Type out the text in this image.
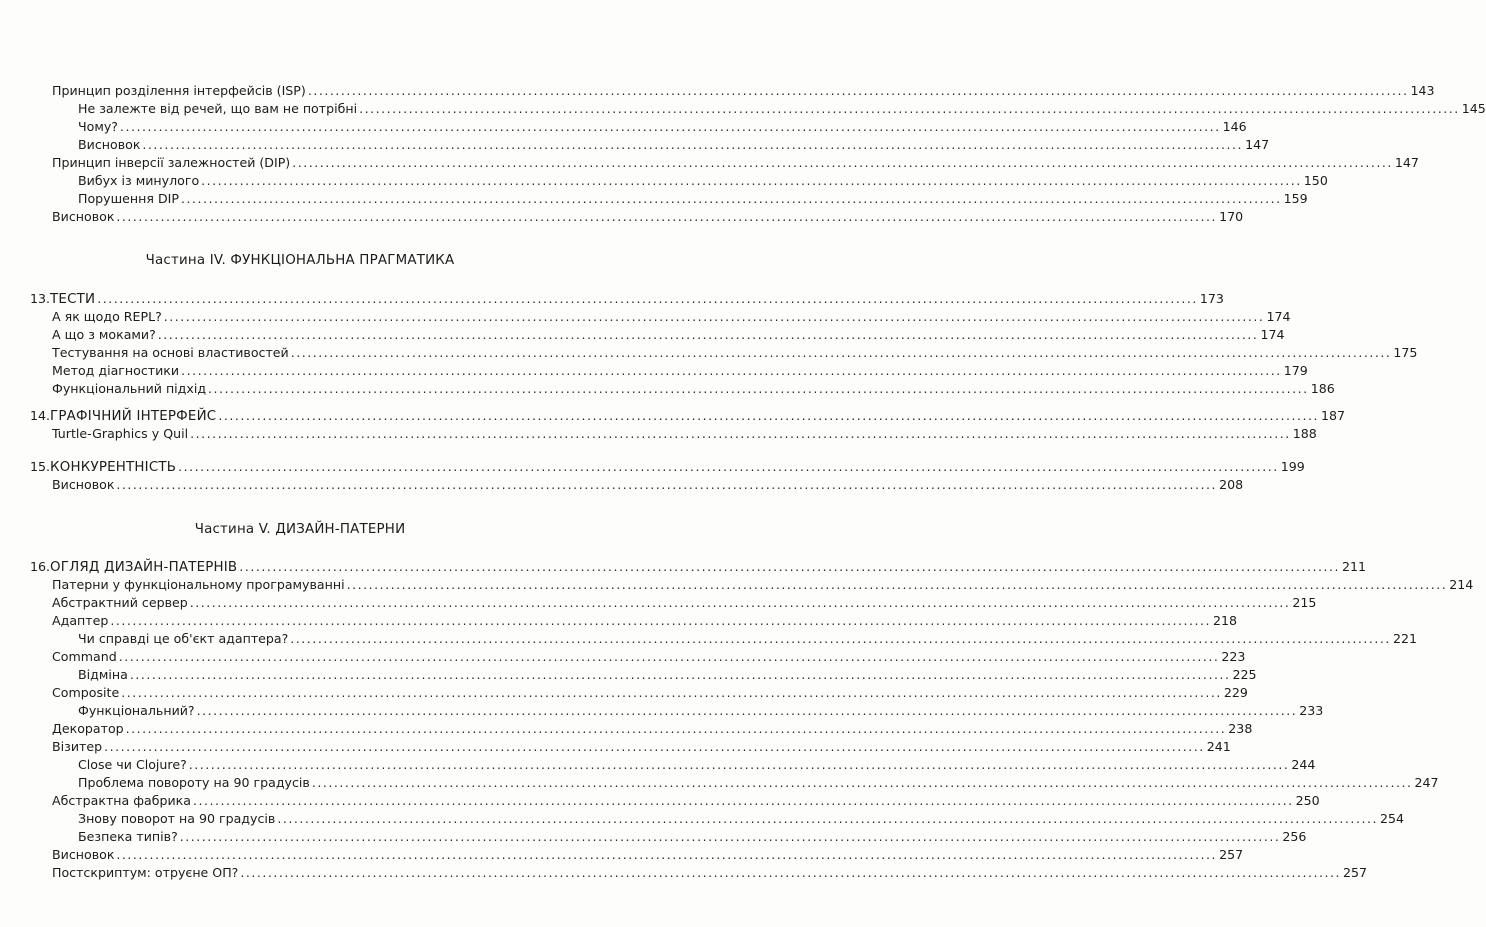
Принцип розділення інтерфейсів (ISP) ........................................................................................................................................................................................................ 143
Не залежте від речей, що вам не потрібні ........................................................................................................................................................................................................ 145
Чому? ........................................................................................................................................................................................................ 146
Висновок ........................................................................................................................................................................................................ 147
Принцип інверсії залежностей (DIP) ........................................................................................................................................................................................................ 147
Вибух із минулого ........................................................................................................................................................................................................ 150
Порушення DIP ........................................................................................................................................................................................................ 159
Висновок ........................................................................................................................................................................................................ 170
Частина IV. ФУНКЦІОНАЛЬНА ПРАГМАТИКА
13. ТЕСТИ ........................................................................................................................................................................................................ 173
А як щодо REPL? ........................................................................................................................................................................................................ 174
А що з моками? ........................................................................................................................................................................................................ 174
Тестування на основі властивостей ........................................................................................................................................................................................................ 175
Метод діагностики ........................................................................................................................................................................................................ 179
Функціональний підхід ........................................................................................................................................................................................................ 186
14. ГРАФІЧНИЙ ІНТЕРФЕЙС ........................................................................................................................................................................................................ 187
Turtle-Graphics у Quil ........................................................................................................................................................................................................ 188
15. КОНКУРЕНТНІСТЬ ........................................................................................................................................................................................................ 199
Висновок ........................................................................................................................................................................................................ 208
Частина V. ДИЗАЙН-ПАТЕРНИ
16. ОГЛЯД ДИЗАЙН-ПАТЕРНІВ ........................................................................................................................................................................................................ 211
Патерни у функціональному програмуванні ........................................................................................................................................................................................................ 214
Абстрактний сервер ........................................................................................................................................................................................................ 215
Адаптер ........................................................................................................................................................................................................ 218
Чи справді це об'єкт адаптера? ........................................................................................................................................................................................................ 221
Command ........................................................................................................................................................................................................ 223
Відміна ........................................................................................................................................................................................................ 225
Composite ........................................................................................................................................................................................................ 229
Функціональний? ........................................................................................................................................................................................................ 233
Декоратор ........................................................................................................................................................................................................ 238
Візитер ........................................................................................................................................................................................................ 241
Close чи Clojure? ........................................................................................................................................................................................................ 244
Проблема повороту на 90 градусів ........................................................................................................................................................................................................ 247
Абстрактна фабрика ........................................................................................................................................................................................................ 250
Знову поворот на 90 градусів ........................................................................................................................................................................................................ 254
Безпека типів? ........................................................................................................................................................................................................ 256
Висновок ........................................................................................................................................................................................................ 257
Постскриптум: отруєне ОП? ........................................................................................................................................................................................................ 257
